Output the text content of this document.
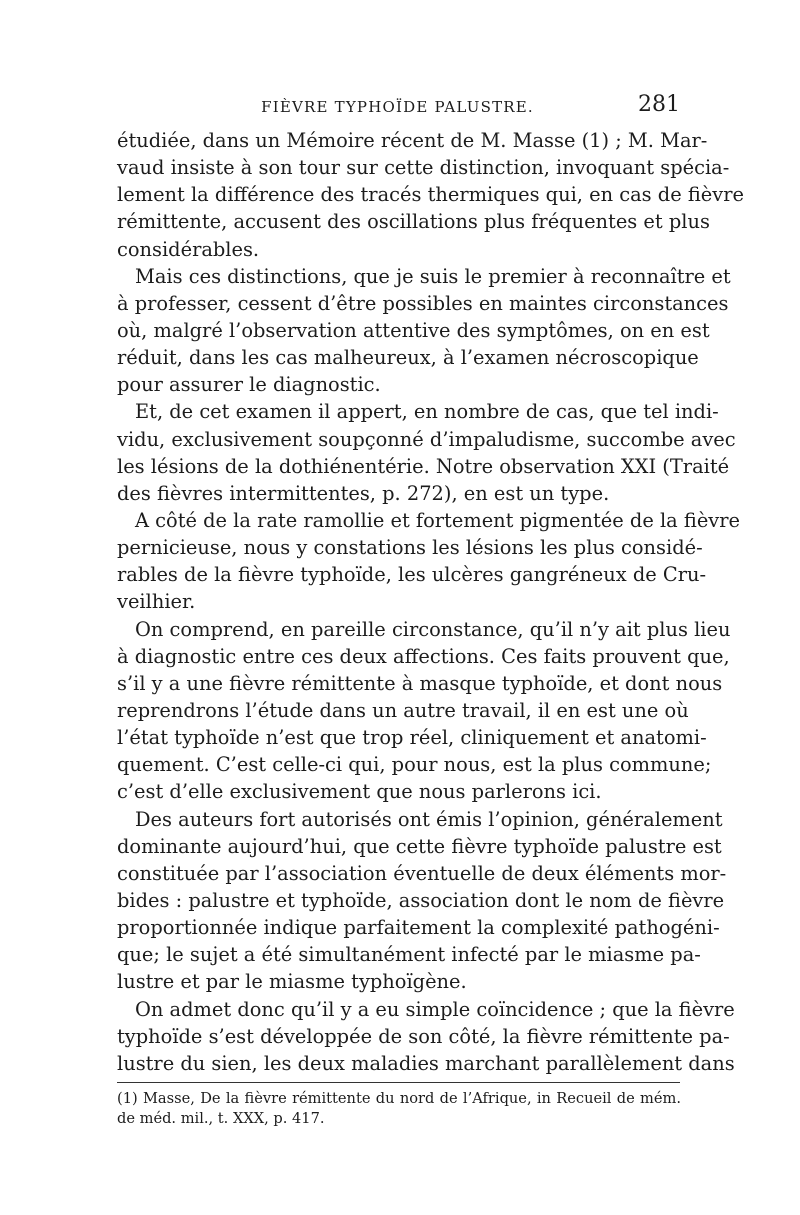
FIÈVRE TYPHOÏDE PALUSTRE.	281
étudiée, dans un Mémoire récent de M. Masse (1) ; M. Mar-
vaud insiste à son tour sur cette distinction, invoquant spécia-
lement la différence des tracés thermiques qui, en cas de fièvre
rémittente, accusent des oscillations plus fréquentes et plus
considérables.
Mais ces distinctions, que je suis le premier à reconnaître et
à professer, cessent d’être possibles en maintes circonstances
où, malgré l’observation attentive des symptômes, on en est
réduit, dans les cas malheureux, à l’examen nécroscopique
pour assurer le diagnostic.
Et, de cet examen il appert, en nombre de cas, que tel indi-
vidu, exclusivement soupçonné d’impaludisme, succombe avec
les lésions de la dothiénentérie. Notre observation XXI (Traité
des fièvres intermittentes, p. 272), en est un type.
A côté de la rate ramollie et fortement pigmentée de la fièvre
pernicieuse, nous y constations les lésions les plus considé-
rables de la fièvre typhoïde, les ulcères gangréneux de Cru-
veilhier.
On comprend, en pareille circonstance, qu’il n’y ait plus lieu
à diagnostic entre ces deux affections. Ces faits prouvent que,
s’il y a une fièvre rémittente à masque typhoïde, et dont nous
reprendrons l’étude dans un autre travail, il en est une où
l’état typhoïde n’est que trop réel, cliniquement et anatomi-
quement. C’est celle-ci qui, pour nous, est la plus commune;
c’est d’elle exclusivement que nous parlerons ici.
Des auteurs fort autorisés ont émis l’opinion, généralement
dominante aujourd’hui, que cette fièvre typhoïde palustre est
constituée par l’association éventuelle de deux éléments mor-
bides : palustre et typhoïde, association dont le nom de fièvre
proportionnée indique parfaitement la complexité pathogéni-
que; le sujet a été simultanément infecté par le miasme pa-
lustre et par le miasme typhoïgène.
On admet donc qu’il y a eu simple coïncidence ; que la fièvre
typhoïde s’est développée de son côté, la fièvre rémittente pa-
lustre du sien, les deux maladies marchant parallèlement dans
(1) Masse, De la fièvre rémittente du nord de l’Afrique, in Recueil de mém.
de méd. mil., t. XXX, p. 417.
